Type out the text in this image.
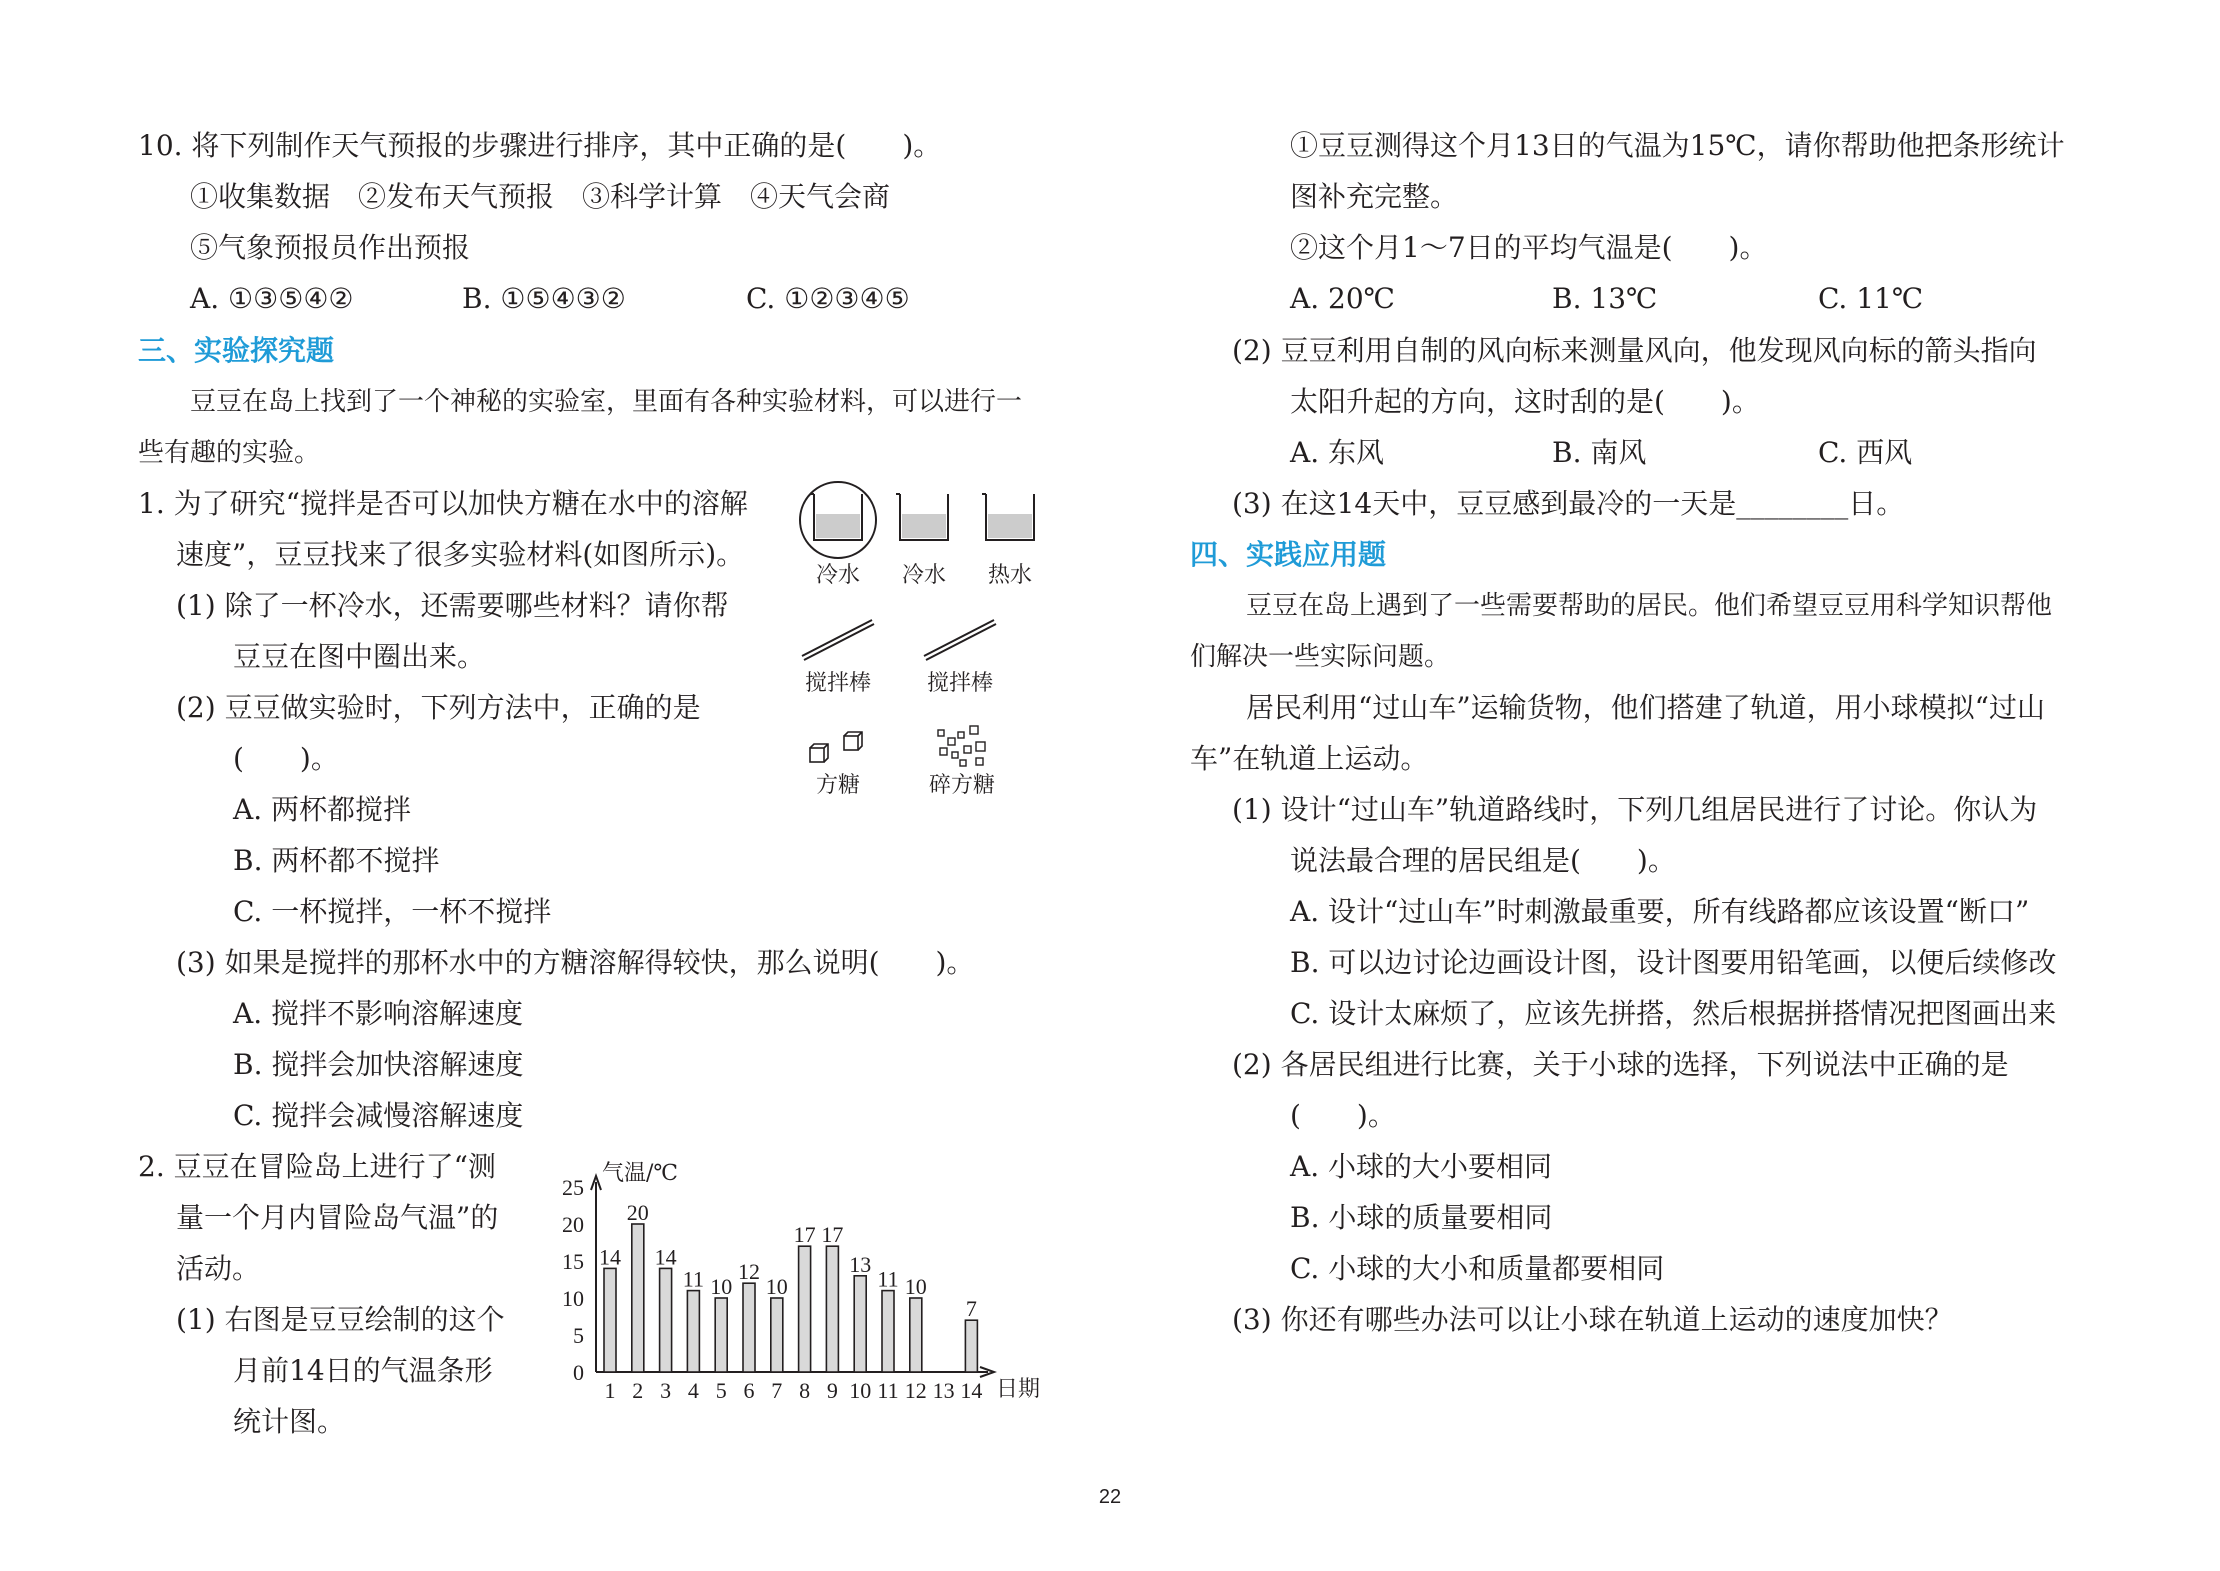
10. 将下列制作天气预报的步骤进行排序，其中正确的是(　　)。
①收集数据　②发布天气预报　③科学计算　④天气会商
⑤气象预报员作出预报
A. ①③⑤④②	B. ①⑤④③②	C. ①②③④⑤
三、实验探究题
豆豆在岛上找到了一个神秘的实验室，里面有各种实验材料，可以进行一
些有趣的实验。
1. 为了研究“搅拌是否可以加快方糖在水中的溶解
速度”，豆豆找来了很多实验材料(如图所示)。
(1) 除了一杯冷水，还需要哪些材料？请你帮
豆豆在图中圈出来。
(2) 豆豆做实验时，下列方法中，正确的是
(　　)。
A. 两杯都搅拌
B. 两杯都不搅拌
C. 一杯搅拌，一杯不搅拌
(3) 如果是搅拌的那杯水中的方糖溶解得较快，那么说明(　　)。
A. 搅拌不影响溶解速度
B. 搅拌会加快溶解速度
C. 搅拌会减慢溶解速度
冷水 冷水 热水
搅拌棒	搅拌棒
方糖	碎方糖
2. 豆豆在冒险岛上进行了“测
量一个月内冒险岛气温”的
活动。
(1) 右图是豆豆绘制的这个
月前14日的气温条形
统计图。
气温/℃
日期
0
5
10
15
20
25
14
1
20
2
14
3
11
4
10
5
12
6
10
7
17
8
17
9
13
10
11
11
10
12 13
7
14
①豆豆测得这个月13日的气温为15℃，请你帮助他把条形统计
图补充完整。
②这个月1～7日的平均气温是(　　)。
A. 20℃	B. 13℃	C. 11℃
(2) 豆豆利用自制的风向标来测量风向，他发现风向标的箭头指向
太阳升起的方向，这时刮的是(　　)。
A. 东风	B. 南风	C. 西风
(3) 在这14天中，豆豆感到最冷的一天是________日。
四、实践应用题
豆豆在岛上遇到了一些需要帮助的居民。他们希望豆豆用科学知识帮他
们解决一些实际问题。
居民利用“过山车”运输货物，他们搭建了轨道，用小球模拟“过山
车”在轨道上运动。
(1) 设计“过山车”轨道路线时，下列几组居民进行了讨论。你认为
说法最合理的居民组是(　　)。
A. 设计“过山车”时刺激最重要，所有线路都应该设置“断口”
B. 可以边讨论边画设计图，设计图要用铅笔画，以便后续修改
C. 设计太麻烦了，应该先拼搭，然后根据拼搭情况把图画出来
(2) 各居民组进行比赛，关于小球的选择，下列说法中正确的是
(　　)。
A. 小球的大小要相同
B. 小球的质量要相同
C. 小球的大小和质量都要相同
(3) 你还有哪些办法可以让小球在轨道上运动的速度加快？
22
